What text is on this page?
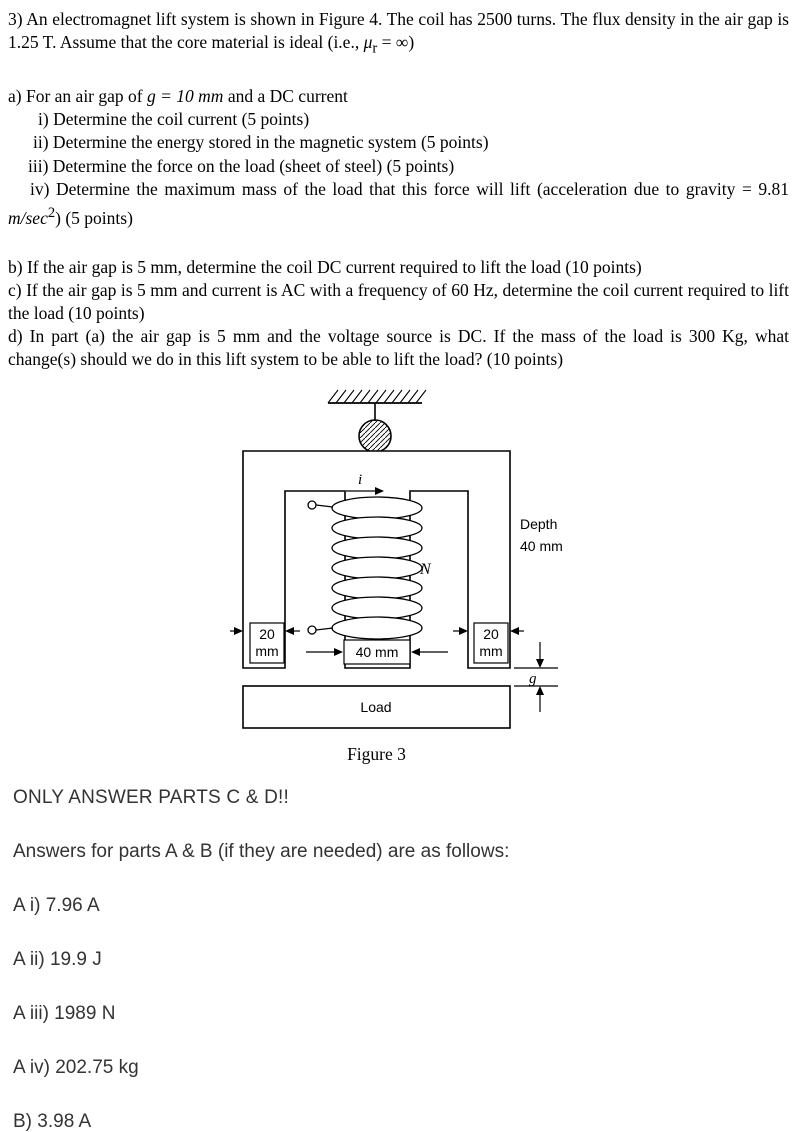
3) An electromagnet lift system is shown in Figure 4. The coil has 2500 turns. The flux density in the air gap is 1.25 T. Assume that the core material is ideal (i.e., $\mu_r$ = ∞)

a) For an air gap of g = 10 mm and a DC current

i) Determine the coil current (5 points)

ii) Determine the energy stored in the magnetic system (5 points)

iii) Determine the force on the load (sheet of steel) (5 points)

iv) Determine the maximum mass of the load that this force will lift (acceleration due to gravity = 9.81 $m/\sec^2$) (5 points)

b) If the air gap is 5 mm, determine the coil DC current required to lift the load (10 points)

c) If the air gap is 5 mm and current is AC with a frequency of 60 Hz, determine the coil current required to lift the load (10 points)

d) In part (a) the air gap is 5 mm and the voltage source is DC. If the mass of the load is 300 Kg, what change(s) should we do in this lift system to be able to lift the load? (10 points)

i
N
Depth
40 mm
20
mm
20
mm
40 mm
g
Load

Figure 3

ONLY ANSWER PARTS C & D!!

Answers for parts A & B (if they are needed) are as follows:

A i) 7.96 A

A ii) 19.9 J

A iii) 1989 N

A iv) 202.75 kg

B) 3.98 A
